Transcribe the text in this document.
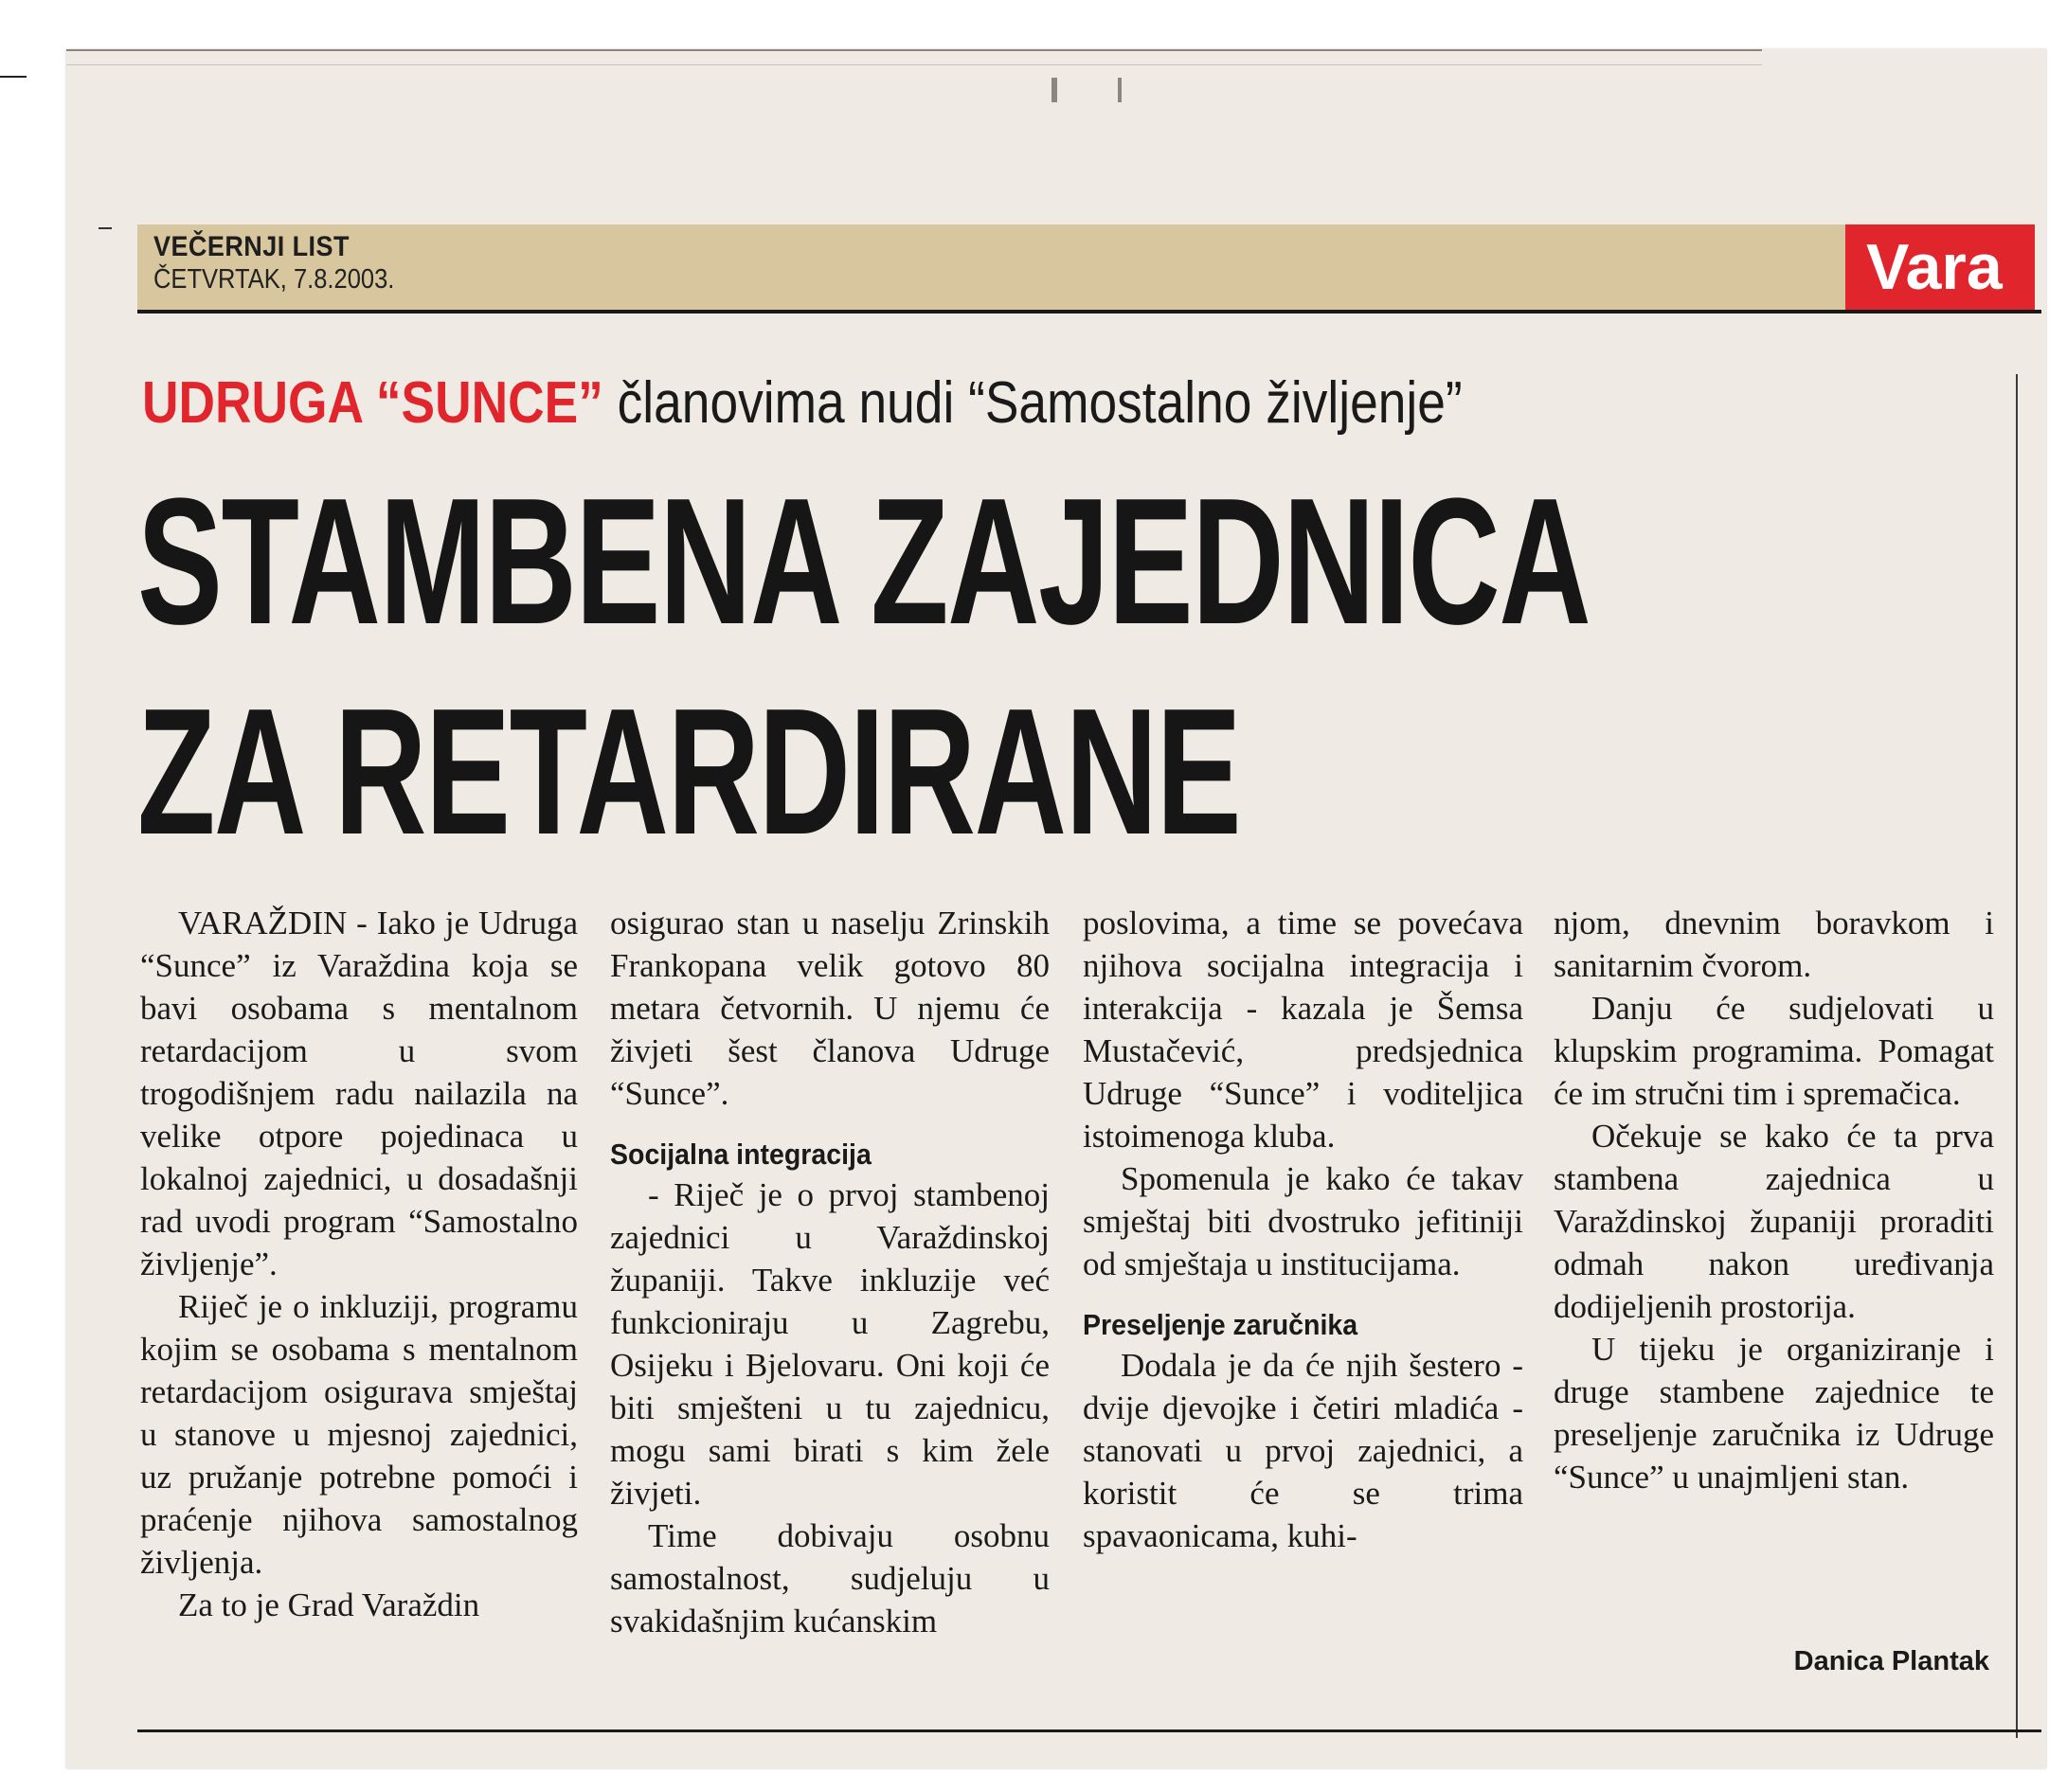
VEČERNJI LIST
ČETVRTAK, 7.8.2003.	Vara
UDRUGA “SUNCE” članovima nudi “Samostalno življenje”
STAMBENA ZAJEDNICA
ZA RETARDIRANE

VARAŽDIN - Iako je Udruga “Sunce” iz Varaždina koja se bavi osobama s mentalnom retardacijom u svom trogodišnjem radu nailazila na velike otpore pojedinaca u lokalnoj zajednici, u dosadašnji rad uvodi program “Samostalno življenje”.

Riječ je o inkluziji, programu kojim se osobama s mentalnom retardacijom osigurava smještaj u stanove u mjesnoj zajednici, uz pružanje potrebne pomoći i praćenje njihova samostalnog življenja.

Za to je Grad Varaždin

osigurao stan u naselju Zrinskih Frankopana velik gotovo 80 metara četvornih. U njemu će živjeti šest članova Udruge “Sunce”.

Socijalna integracija

- Riječ je o prvoj stambenoj zajednici u Varaždinskoj županiji. Takve inkluzije već funkcioniraju u Zagrebu, Osijeku i Bjelovaru. Oni koji će biti smješteni u tu zajednicu, mogu sami birati s kim žele živjeti.

Time dobivaju osobnu samostalnost, sudjeluju u svakidašnjim kućanskim

poslovima, a time se povećava njihova socijalna integracija i interakcija - kazala je Šemsa Mustačević, predsjednica Udruge “Sunce” i voditeljica istoimenoga kluba.

Spomenula je kako će takav smještaj biti dvostruko jefitiniji od smještaja u institucijama.

Preseljenje zaručnika

Dodala je da će njih šestero - dvije djevojke i četiri mladića - stanovati u prvoj zajednici, a koristit će se trima spavaonicama, kuhi-

njom, dnevnim boravkom i sanitarnim čvorom.

Danju će sudjelovati u klupskim programima. Pomagat će im stručni tim i spremačica.

Očekuje se kako će ta prva stambena zajednica u Varaždinskoj županiji proraditi odmah nakon uređivanja dodijeljenih prostorija.

U tijeku je organiziranje i druge stambene zajednice te preseljenje zaručnika iz Udruge “Sunce” u unajmljeni stan.

Danica Plantak
